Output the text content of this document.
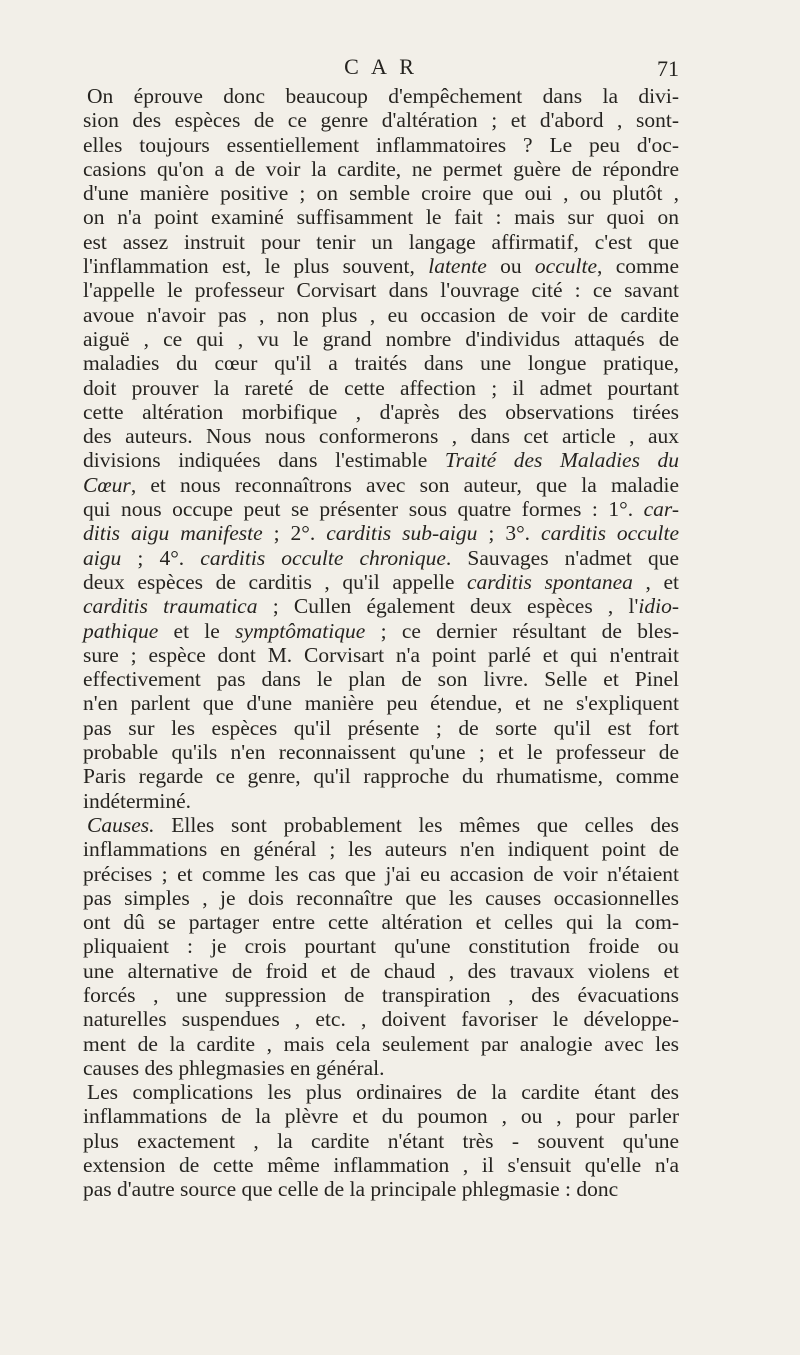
C A R	71
On éprouve donc beaucoup d'empêchement dans la divi-
sion des espèces de ce genre d'altération ; et d'abord , sont-
elles toujours essentiellement inflammatoires ? Le peu d'oc-
casions qu'on a de voir la cardite, ne permet guère de répondre
d'une manière positive ; on semble croire que oui , ou plutôt ,
on n'a point examiné suffisamment le fait : mais sur quoi on
est assez instruit pour tenir un langage affirmatif, c'est que
l'inflammation est, le plus souvent, latente ou occulte, comme
l'appelle le professeur Corvisart dans l'ouvrage cité : ce savant
avoue n'avoir pas , non plus , eu occasion de voir de cardite
aiguë , ce qui , vu le grand nombre d'individus attaqués de
maladies du cœur qu'il a traités dans une longue pratique,
doit prouver la rareté de cette affection ; il admet pourtant
cette altération morbifique , d'après des observations tirées
des auteurs. Nous nous conformerons , dans cet article , aux
divisions indiquées dans l'estimable Traité des Maladies du
Cœur, et nous reconnaîtrons avec son auteur, que la maladie
qui nous occupe peut se présenter sous quatre formes : 1°. car-
ditis aigu manifeste ; 2°. carditis sub-aigu ; 3°. carditis occulte
aigu ; 4°. carditis occulte chronique. Sauvages n'admet que
deux espèces de carditis , qu'il appelle carditis spontanea , et
carditis traumatica ; Cullen également deux espèces , l'idio-
pathique et le symptômatique ; ce dernier résultant de bles-
sure ; espèce dont M. Corvisart n'a point parlé et qui n'entrait
effectivement pas dans le plan de son livre. Selle et Pinel
n'en parlent que d'une manière peu étendue, et ne s'expliquent
pas sur les espèces qu'il présente ; de sorte qu'il est fort
probable qu'ils n'en reconnaissent qu'une ; et le professeur de
Paris regarde ce genre, qu'il rapproche du rhumatisme, comme
indéterminé.
Causes. Elles sont probablement les mêmes que celles des
inflammations en général ; les auteurs n'en indiquent point de
précises ; et comme les cas que j'ai eu accasion de voir n'étaient
pas simples , je dois reconnaître que les causes occasionnelles
ont dû se partager entre cette altération et celles qui la com-
pliquaient : je crois pourtant qu'une constitution froide ou
une alternative de froid et de chaud , des travaux violens et
forcés , une suppression de transpiration , des évacuations
naturelles suspendues , etc. , doivent favoriser le développe-
ment de la cardite , mais cela seulement par analogie avec les
causes des phlegmasies en général.
Les complications les plus ordinaires de la cardite étant des
inflammations de la plèvre et du poumon , ou , pour parler
plus exactement , la cardite n'étant très - souvent qu'une
extension de cette même inflammation , il s'ensuit qu'elle n'a
pas d'autre source que celle de la principale phlegmasie : donc
